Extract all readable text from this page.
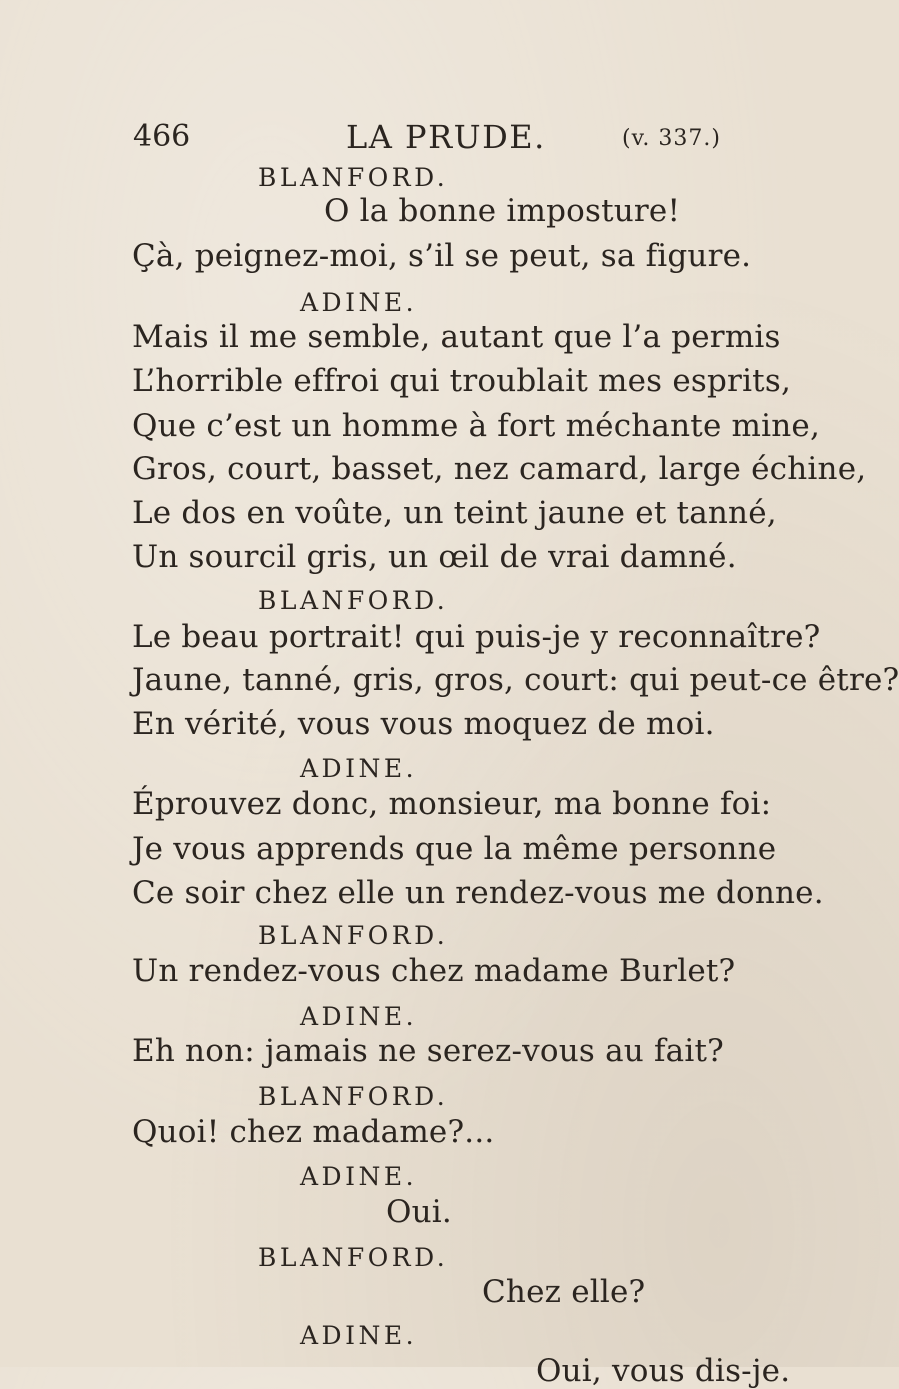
466	LA PRUDE.	(v. 337.)
BLANFORD.
O la bonne imposture!
Çà, peignez-moi, s’il se peut, sa figure.
ADINE.
Mais il me semble, autant que l’a permis
L’horrible effroi qui troublait mes esprits,
Que c’est un homme à fort méchante mine,
Gros, court, basset, nez camard, large échine,
Le dos en voûte, un teint jaune et tanné,
Un sourcil gris, un œil de vrai damné.
BLANFORD.
Le beau portrait! qui puis-je y reconnaître?
Jaune, tanné, gris, gros, court: qui peut-ce être?
En vérité, vous vous moquez de moi.
ADINE.
Éprouvez donc, monsieur, ma bonne foi:
Je vous apprends que la même personne
Ce soir chez elle un rendez-vous me donne.
BLANFORD.
Un rendez-vous chez madame Burlet?
ADINE.
Eh non: jamais ne serez-vous au fait?
BLANFORD.
Quoi! chez madame?...
ADINE.
Oui.
BLANFORD.
Chez elle?
ADINE.
Oui, vous dis-je.
